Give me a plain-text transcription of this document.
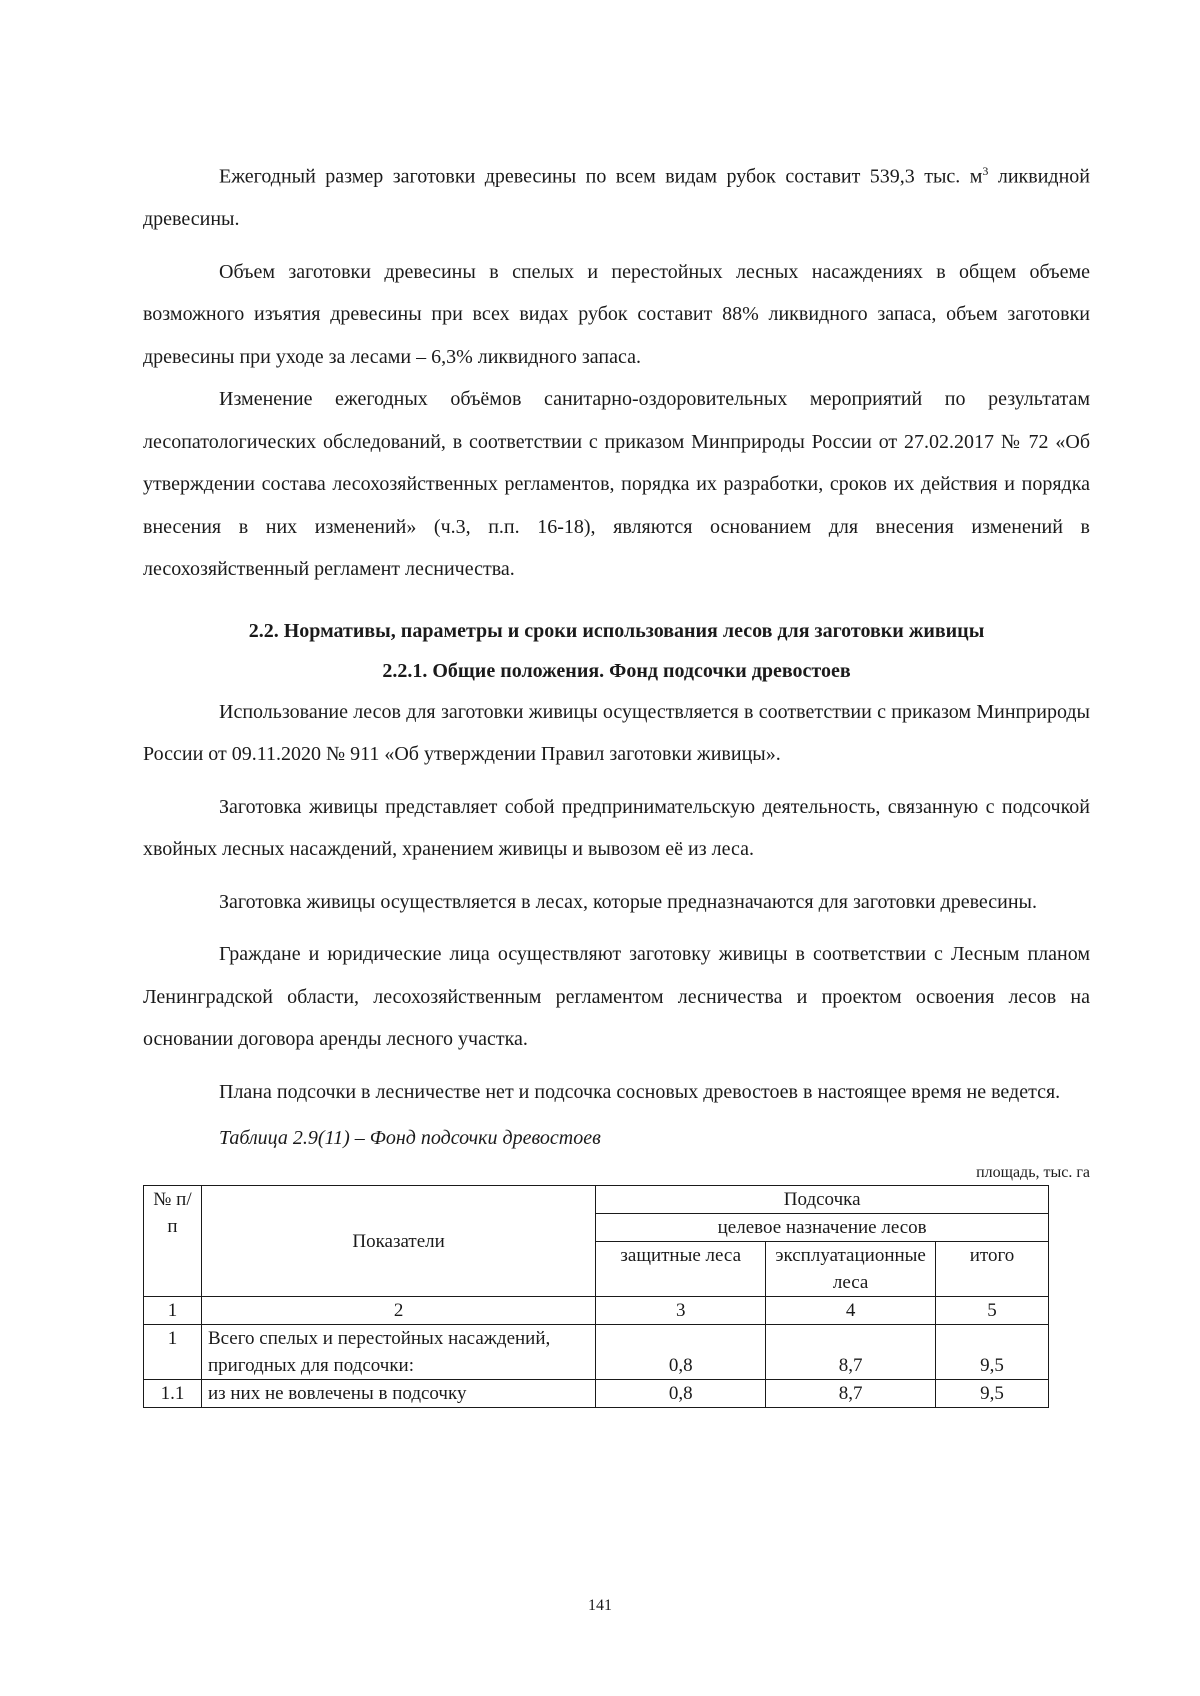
Ежегодный размер заготовки древесины по всем видам рубок составит 539,3 тыс. $м^3$ ликвидной древесины.

Объем заготовки древесины в спелых и перестойных лесных насаждениях в общем объеме возможного изъятия древесины при всех видах рубок составит 88% ликвидного запаса, объем заготовки древесины при уходе за лесами – 6,3% ликвидного запаса.

Изменение ежегодных объёмов санитарно-оздоровительных мероприятий по результатам лесопатологических обследований, в соответствии с приказом Минприроды России от 27.02.2017 № 72 «Об утверждении состава лесохозяйственных регламентов, порядка их разработки, сроков их действия и порядка внесения в них изменений» (ч.3, п.п. 16-18), являются основанием для внесения изменений в лесохозяйственный регламент лесничества.

2.2. Нормативы, параметры и сроки использования лесов для заготовки живицы
2.2.1. Общие положения. Фонд подсочки древостоев

Использование лесов для заготовки живицы осуществляется в соответствии с приказом Минприроды России от 09.11.2020 № 911 «Об утверждении Правил заготовки живицы».

Заготовка живицы представляет собой предпринимательскую деятельность, связанную с подсочкой хвойных лесных насаждений, хранением живицы и вывозом её из леса.

Заготовка живицы осуществляется в лесах, которые предназначаются для заготовки древесины.

Граждане и юридические лица осуществляют заготовку живицы в соответствии с Лесным планом Ленинградской области, лесохозяйственным регламентом лесничества и проектом освоения лесов на основании договора аренды лесного участка.

Плана подсочки в лесничестве нет и подсочка сосновых древостоев в настоящее время не ведется.

Таблица 2.9(11) – Фонд подсочки древостоев
площадь, тыс. га
№ п/п	Показатели	Подсочка		
		целевое назначение лесов		
		защитные леса	эксплуатационные леса	итого
1	2	3	4	5
1	Всего спелых и перестойных насаждений, пригодных для подсочки:	0,8	8,7	9,5
1.1	из них не вовлечены в подсочку	0,8	8,7	9,5
141
